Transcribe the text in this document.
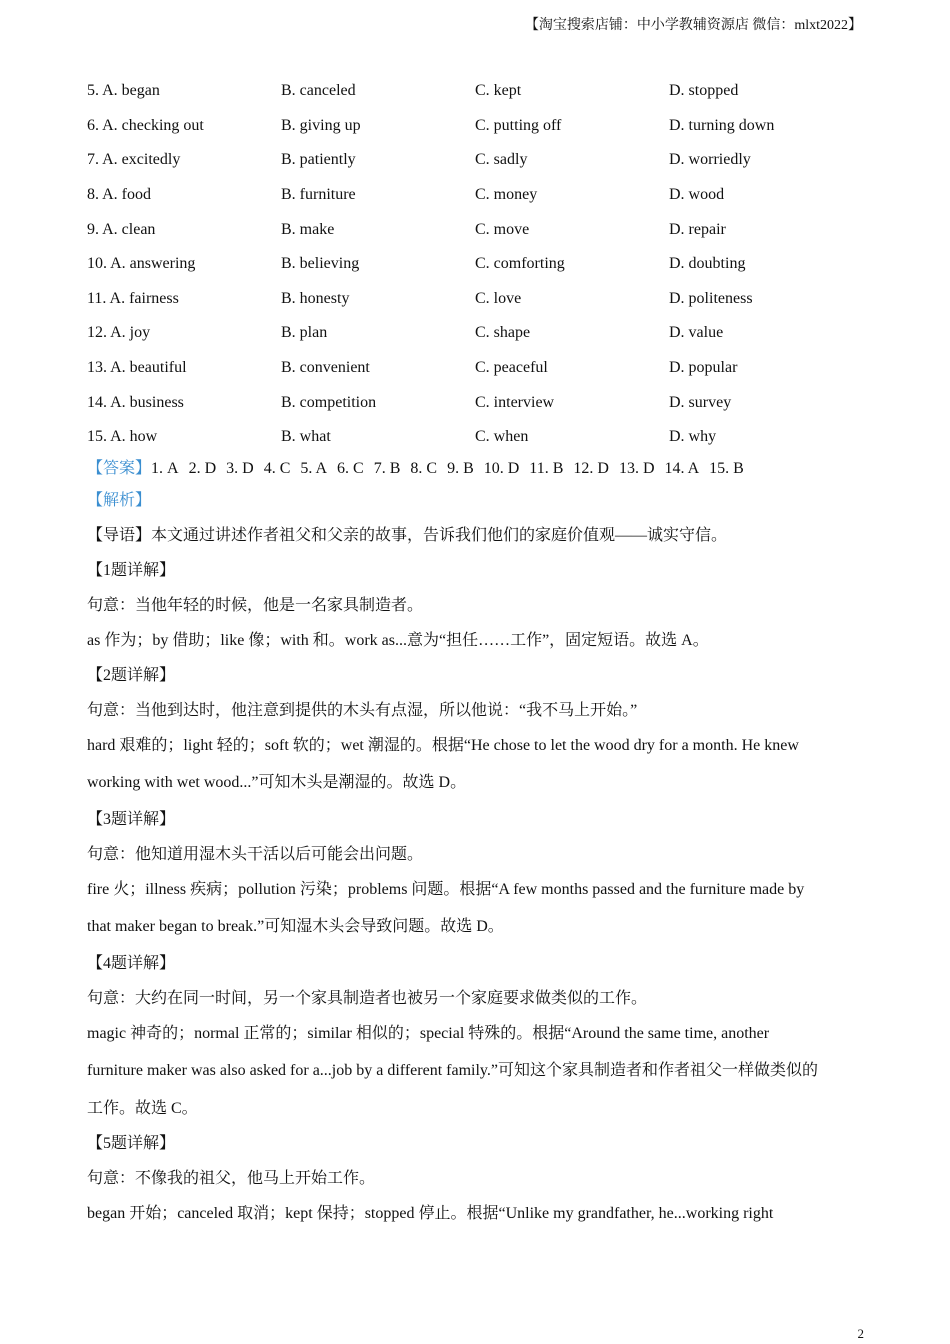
【淘宝搜索店铺：中小学教辅资源店 微信：mlxt2022】
5. A. began	B. canceled	C. kept	D. stopped
6. A. checking out	B. giving up	C. putting off	D. turning down
7. A. excitedly	B. patiently	C. sadly	D. worriedly
8. A. food	B. furniture	C. money	D. wood
9. A. clean	B. make	C. move	D. repair
10. A. answering	B. believing	C. comforting	D. doubting
11. A. fairness	B. honesty	C. love	D. politeness
12. A. joy	B. plan	C. shape	D. value
13. A. beautiful	B. convenient	C. peaceful	D. popular
14. A. business	B. competition	C. interview	D. survey
15. A. how	B. what	C. when	D. why
【答案】1. A 2. D 3. D 4. C 5. A 6. C 7. B 8. C 9. B 10. D 11. B 12. D 13. D 14. A 15. B
【解析】
【导语】本文通过讲述作者祖父和父亲的故事，告诉我们他们的家庭价值观——诚实守信。
【1题详解】
句意：当他年轻的时候，他是一名家具制造者。
as 作为；by 借助；like 像；with 和。work as...意为“担任……工作”，固定短语。故选 A。
【2题详解】
句意：当他到达时，他注意到提供的木头有点湿，所以他说：“我不马上开始。”
hard 艰难的；light 轻的；soft 软的；wet 潮湿的。根据“He chose to let the wood dry for a month. He knew
working with wet wood...”可知木头是潮湿的。故选 D。
【3题详解】
句意：他知道用湿木头干活以后可能会出问题。
fire 火；illness 疾病；pollution 污染；problems 问题。根据“A few months passed and the furniture made by
that maker began to break.”可知湿木头会导致问题。故选 D。
【4题详解】
句意：大约在同一时间，另一个家具制造者也被另一个家庭要求做类似的工作。
magic 神奇的；normal 正常的；similar 相似的；special 特殊的。根据“Around the same time, another
furniture maker was also asked for a...job by a different family.”可知这个家具制造者和作者祖父一样做类似的
工作。故选 C。
【5题详解】
句意：不像我的祖父，他马上开始工作。
began 开始；canceled 取消；kept 保持；stopped 停止。根据“Unlike my grandfather, he...working right
2
